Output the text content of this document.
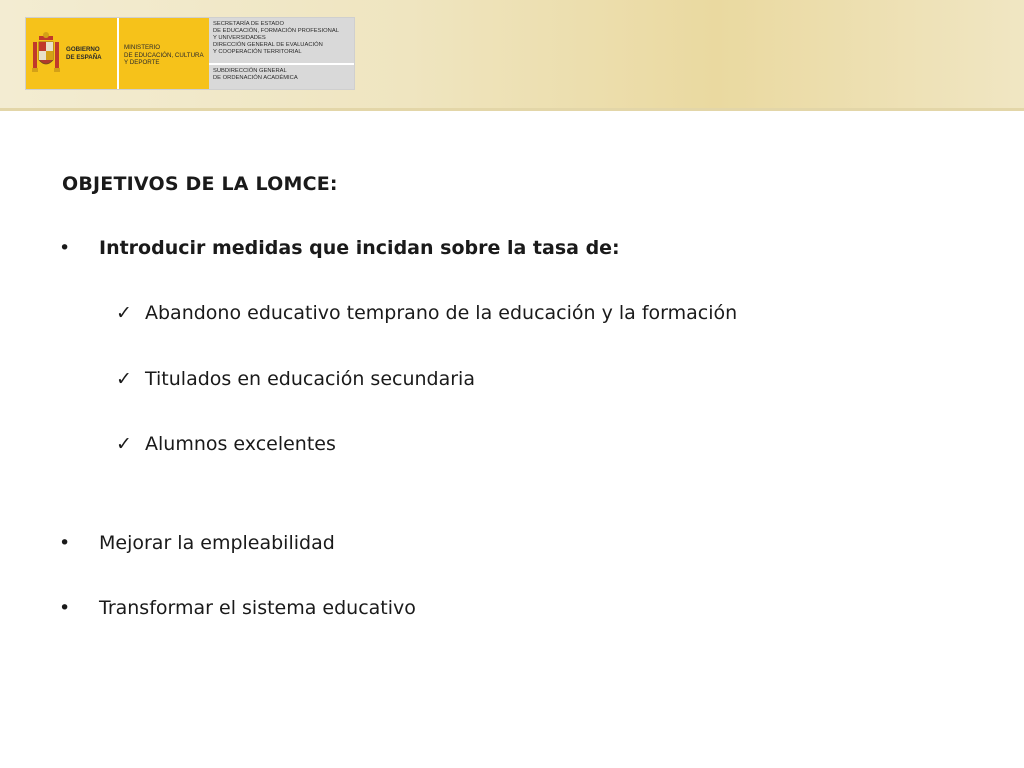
GOBIERNO
DE ESPAÑA
MINISTERIO
DE EDUCACIÓN, CULTURA
Y DEPORTE
SECRETARÍA DE ESTADO
DE EDUCACIÓN, FORMACIÓN PROFESIONAL
Y UNIVERSIDADES
DIRECCIÓN GENERAL DE EVALUACIÓN
Y COOPERACIÓN TERRITORIAL
SUBDIRECCIÓN GENERAL
DE ORDENACIÓN ACADÉMICA
OBJETIVOS DE LA LOMCE:
• Introducir medidas que incidan sobre la tasa de:
✓ Abandono educativo temprano de la educación y la formación
✓ Titulados en educación secundaria
✓ Alumnos excelentes
• Mejorar la empleabilidad
• Transformar el sistema educativo
